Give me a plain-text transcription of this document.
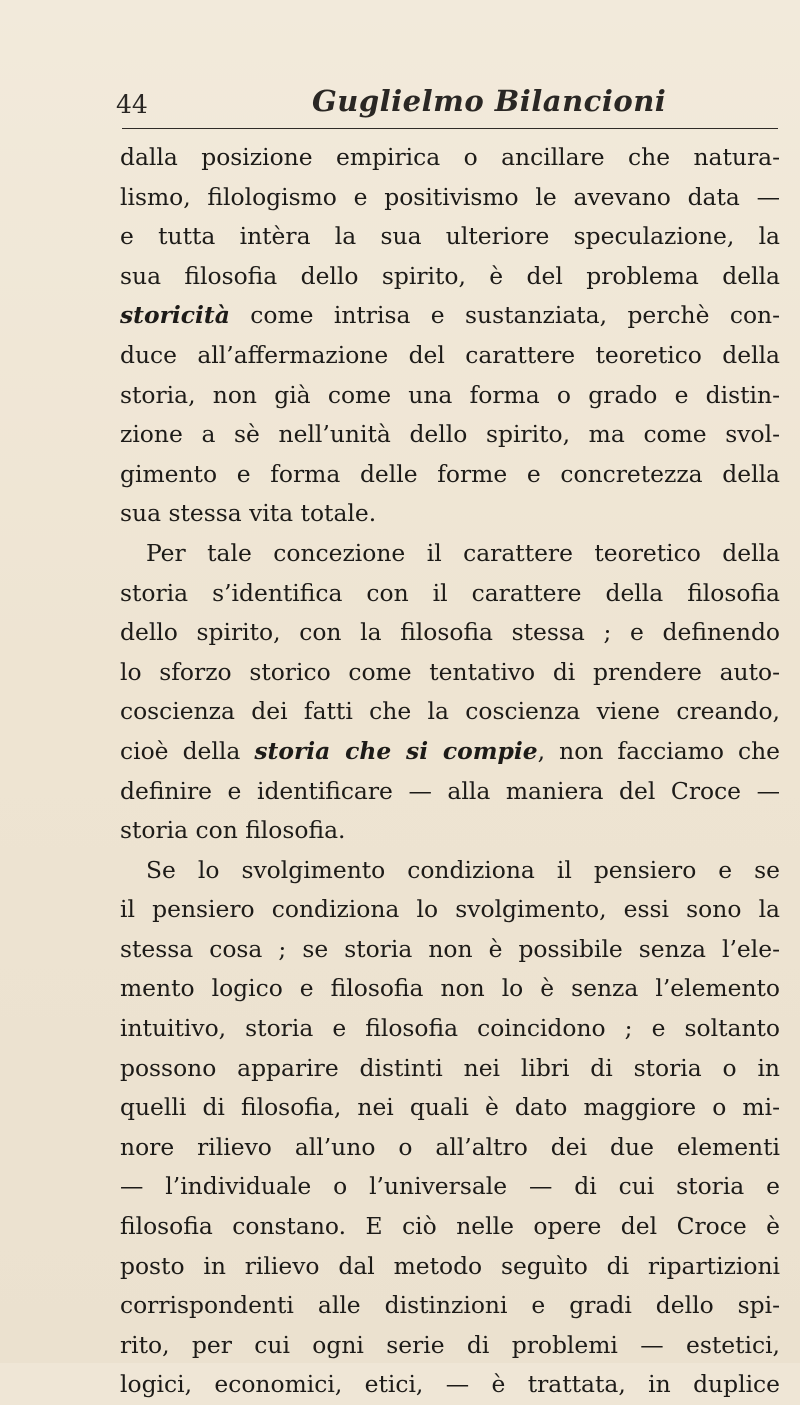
44	Guglielmo Bilancioni
dalla posizione empirica o ancillare che natura-
lismo, filologismo e positivismo le avevano data —
e tutta intèra la sua ulteriore speculazione, la
sua filosofia dello spirito, è del problema della
storicità come intrisa e sustanziata, perchè con-
duce all’affermazione del carattere teoretico della
storia, non già come una forma o grado e distin-
zione a sè nell’unità dello spirito, ma come svol-
gimento e forma delle forme e concretezza della
sua stessa vita totale.
Per tale concezione il carattere teoretico della
storia s’identifica con il carattere della filosofia
dello spirito, con la filosofia stessa ; e definendo
lo sforzo storico come tentativo di prendere auto-
coscienza dei fatti che la coscienza viene creando,
cioè della storia che si compie, non facciamo che
definire e identificare — alla maniera del Croce —
storia con filosofia.
Se lo svolgimento condiziona il pensiero e se
il pensiero condiziona lo svolgimento, essi sono la
stessa cosa ; se storia non è possibile senza l’ele-
mento logico e filosofia non lo è senza l’elemento
intuitivo, storia e filosofia coincidono ; e soltanto
possono apparire distinti nei libri di storia o in
quelli di filosofia, nei quali è dato maggiore o mi-
nore rilievo all’uno o all’altro dei due elementi
— l’individuale o l’universale — di cui storia e
filosofia constano. E ciò nelle opere del Croce è
posto in rilievo dal metodo seguìto di ripartizioni
corrispondenti alle distinzioni e gradi dello spi-
rito, per cui ogni serie di problemi — estetici,
logici, economici, etici, — è trattata, in duplice
